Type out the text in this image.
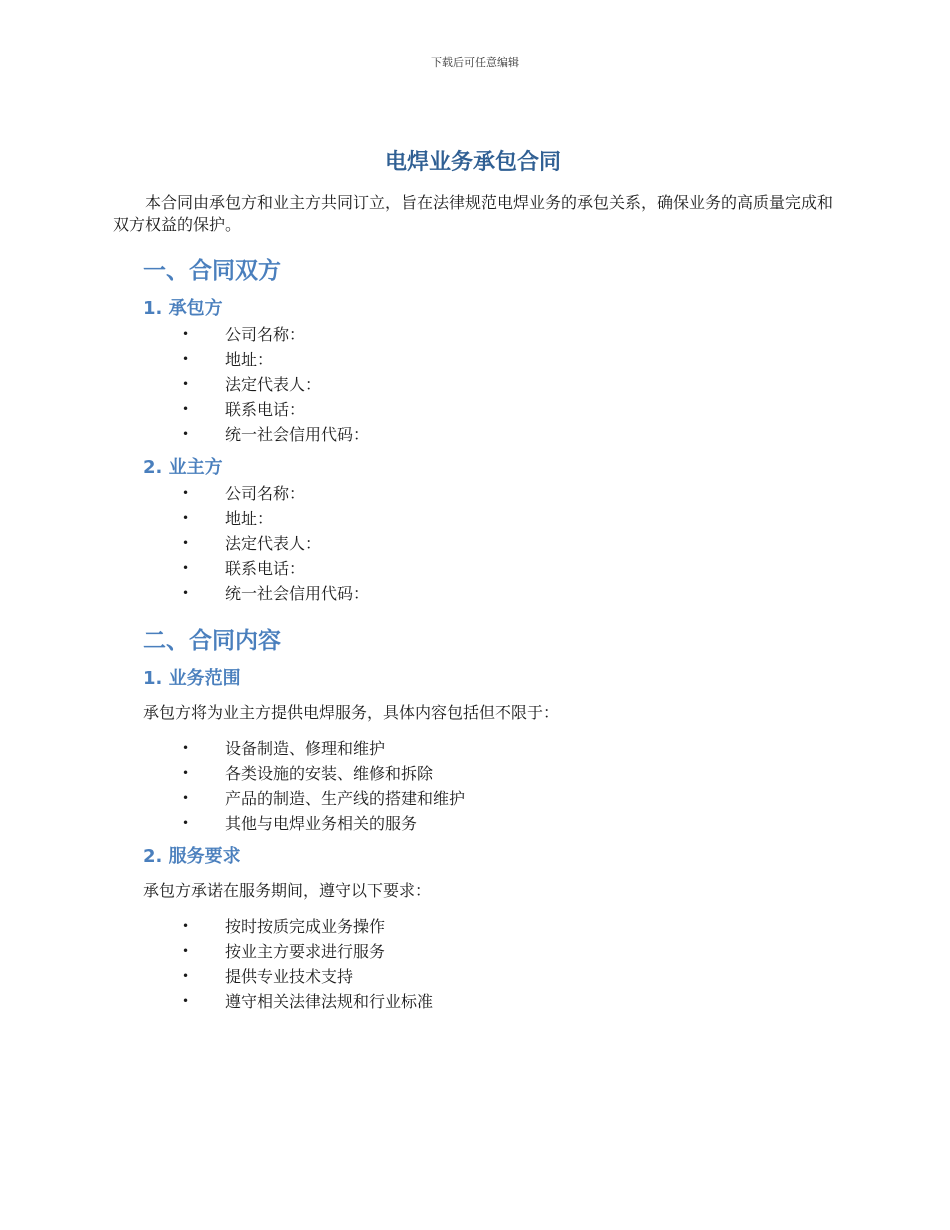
下载后可任意编辑
电焊业务承包合同

本合同由承包方和业主方共同订立，旨在法律规范电焊业务的承包关系，确保业务的高质量完成和双方权益的保护。

一、合同双方
1. 承包方
• 公司名称：
• 地址：
• 法定代表人：
• 联系电话：
• 统一社会信用代码：
2. 业主方
• 公司名称：
• 地址：
• 法定代表人：
• 联系电话：
• 统一社会信用代码：
二、合同内容
1. 业务范围

承包方将为业主方提供电焊服务，具体内容包括但不限于：

• 设备制造、修理和维护
• 各类设施的安装、维修和拆除
• 产品的制造、生产线的搭建和维护
• 其他与电焊业务相关的服务
2. 服务要求

承包方承诺在服务期间，遵守以下要求：

• 按时按质完成业务操作
• 按业主方要求进行服务
• 提供专业技术支持
• 遵守相关法律法规和行业标准
